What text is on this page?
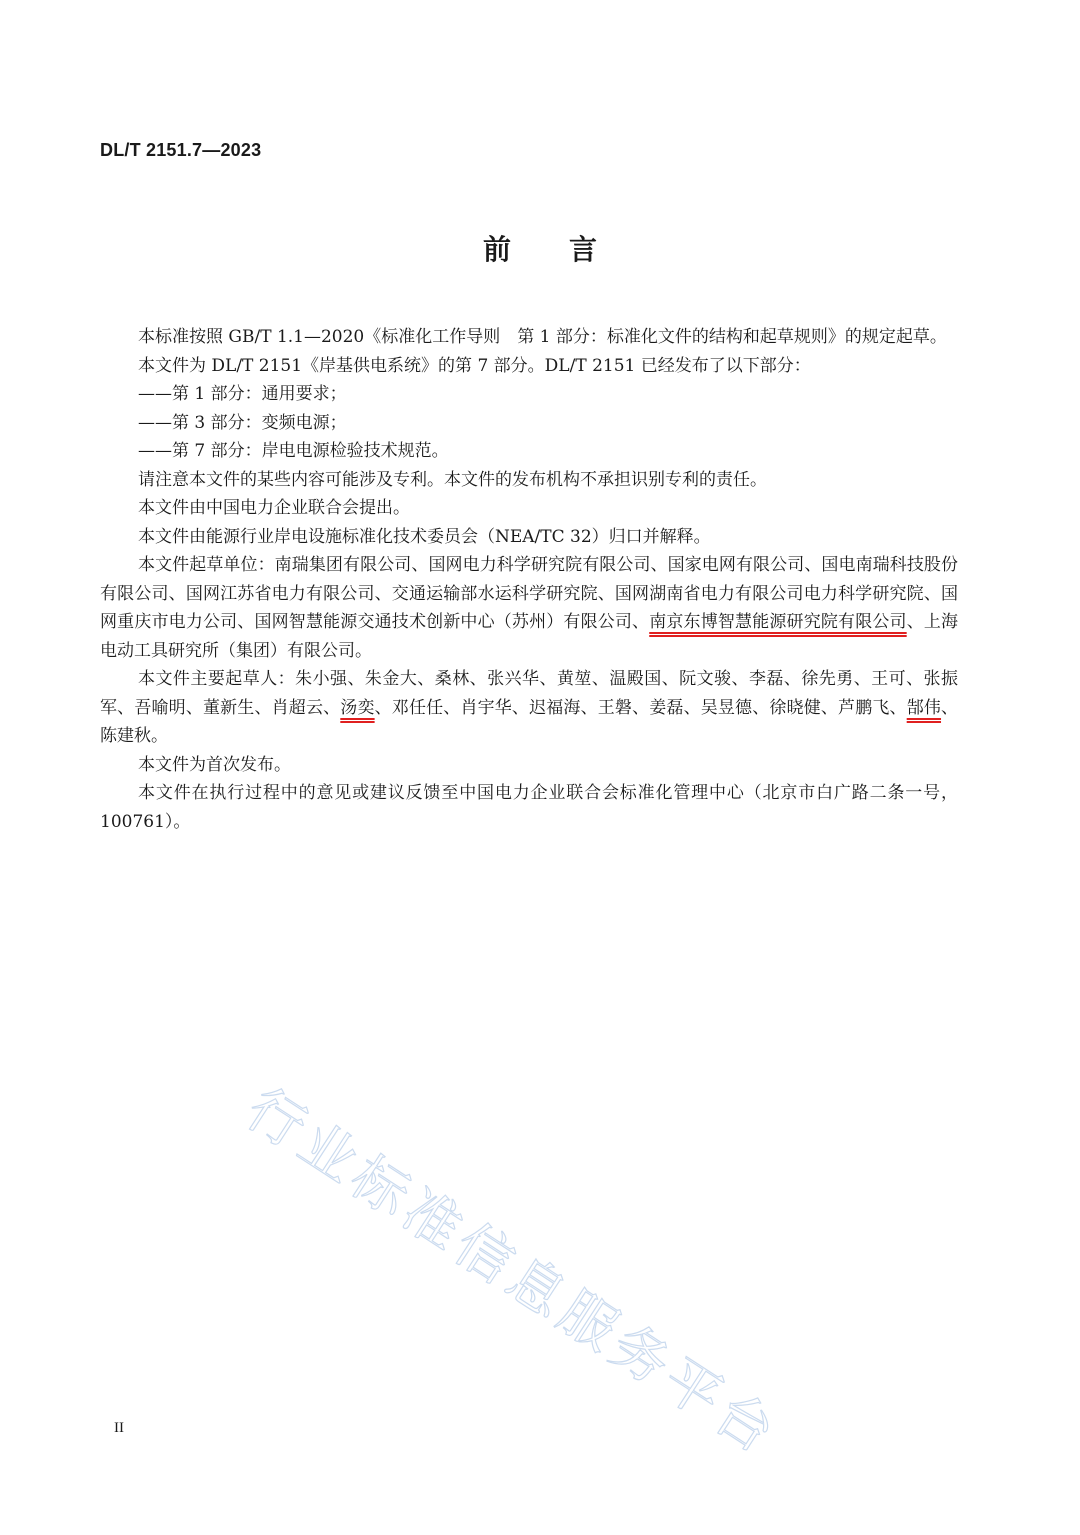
DL/T 2151.7—2023
前 言

本标准按照 GB/T 1.1—2020《标准化工作导则　第 1 部分：标准化文件的结构和起草规则》的规定起草。

本文件为 DL/T 2151《岸基供电系统》的第 7 部分。DL/T 2151 已经发布了以下部分：

——第 1 部分：通用要求；

——第 3 部分：变频电源；

——第 7 部分：岸电电源检验技术规范。

请注意本文件的某些内容可能涉及专利。本文件的发布机构不承担识别专利的责任。

本文件由中国电力企业联合会提出。

本文件由能源行业岸电设施标准化技术委员会（NEA/TC 32）归口并解释。

本文件起草单位：南瑞集团有限公司、国网电力科学研究院有限公司、国家电网有限公司、国电南瑞科技股份有限公司、国网江苏省电力有限公司、交通运输部水运科学研究院、国网湖南省电力有限公司电力科学研究院、国网重庆市电力公司、国网智慧能源交通技术创新中心（苏州）有限公司、南京东博智慧能源研究院有限公司、上海电动工具研究所（集团）有限公司。

本文件主要起草人：朱小强、朱金大、桑林、张兴华、黄堃、温殿国、阮文骏、李磊、徐先勇、王可、张振军、吾喻明、董新生、肖超云、汤奕、邓任任、肖宇华、迟福海、王磐、姜磊、吴昱德、徐晓健、芦鹏飞、郜伟、陈建秋。

本文件为首次发布。

本文件在执行过程中的意见或建议反馈至中国电力企业联合会标准化管理中心（北京市白广路二条一号，100761）。

行业标准信息服务平台
II
